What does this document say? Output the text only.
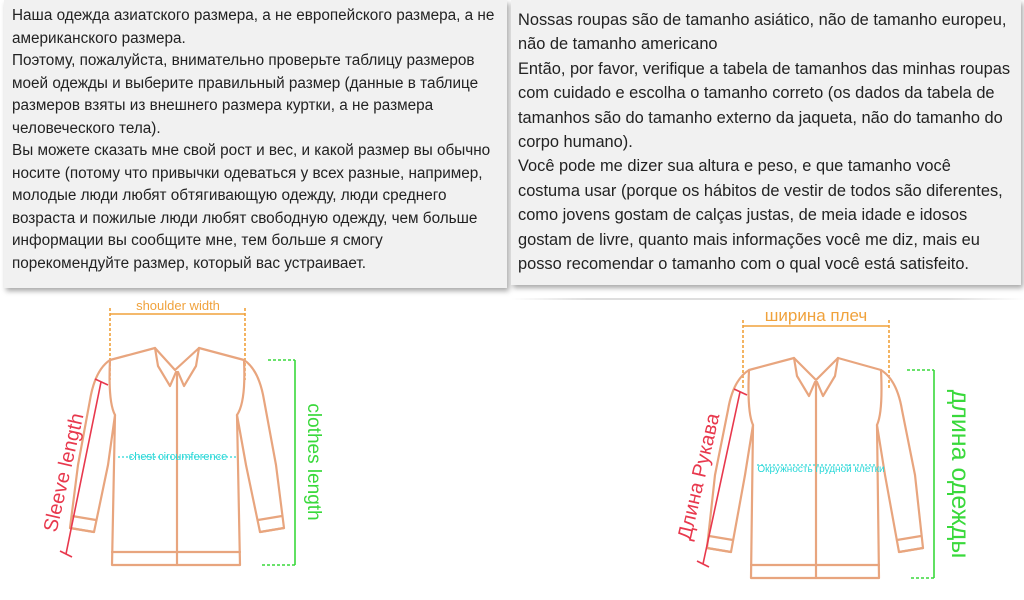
Наша одежда азиатского размера, а не европейского размера, а не американского размера.
Поэтому, пожалуйста, внимательно проверьте таблицу размеров моей одежды и выберите правильный размер (данные в таблице размеров взяты из внешнего размера куртки, а не размера человеческого тела).
Вы можете сказать мне свой рост и вес, и какой размер вы обычно носите (потому что привычки одеваться у всех разные, например, молодые люди любят обтягивающую одежду, люди среднего возраста и пожилые люди любят свободную одежду, чем больше информации вы сообщите мне, тем больше я смогу порекомендуйте размер, который вас устраивает.
Nossas roupas são de tamanho asiático, não de tamanho europeu, não de tamanho americano
Então, por favor, verifique a tabela de tamanhos das minhas roupas com cuidado e escolha o tamanho correto (os dados da tabela de tamanhos são do tamanho externo da jaqueta, não do tamanho do corpo humano).
Você pode me dizer sua altura e peso, e que tamanho você costuma usar (porque os hábitos de vestir de todos são diferentes, como jovens gostam de calças justas, de meia idade e idosos gostam de livre, quanto mais informações você me diz, mais eu posso recomendar o tamanho com o qual você está satisfeito.
shoulder width
chest circumference
Sleeve length	clothes length
ширина плеч
Окружность грудной клетки
Длина Рукава	длина одежды
